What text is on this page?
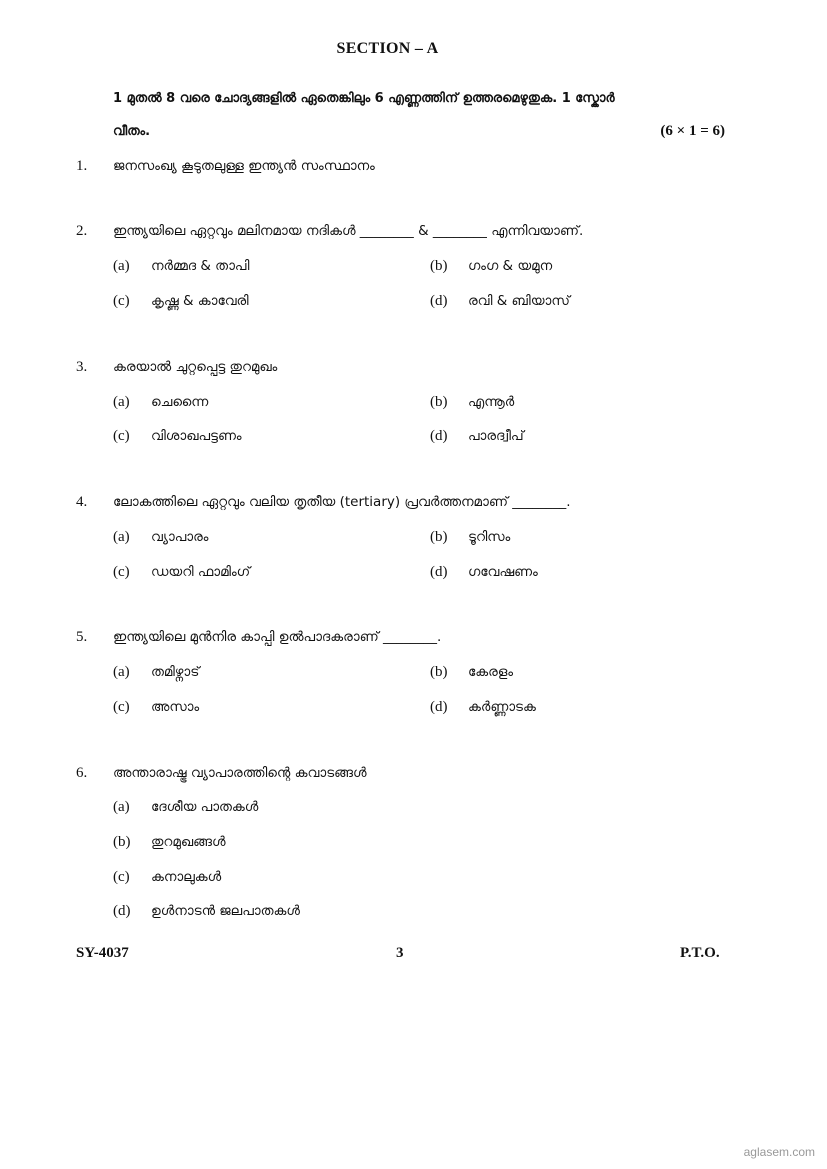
SECTION – A
1 മുതൽ 8 വരെ ചോദ്യങ്ങളിൽ ഏതെങ്കിലും 6 എണ്ണത്തിന് ഉത്തരമെഴുതുക. 1 സ്കോർ
വീതം.	(6 × 1 = 6)
1. ജനസംഖ്യ കൂടുതലുള്ള ഇന്ത്യൻ സംസ്ഥാനം
2. ഇന്ത്യയിലെ ഏറ്റവും മലിനമായ നദികൾ ________ & ________ എന്നിവയാണ്.
(a) നർമ്മദ & താപി	(b) ഗംഗ & യമുന
(c) കൃഷ്ണ & കാവേരി	(d) രവി & ബിയാസ്
3. കരയാൽ ചുറ്റപ്പെട്ട തുറമുഖം
(a) ചെന്നൈ	(b) എന്നൂർ
(c) വിശാഖപട്ടണം	(d) പാരദ്വീപ്
4. ലോകത്തിലെ ഏറ്റവും വലിയ തൃതീയ (tertiary) പ്രവർത്തനമാണ് ________.
(a) വ്യാപാരം	(b) ടൂറിസം
(c) ഡയറി ഫാമിംഗ്	(d) ഗവേഷണം
5. ഇന്ത്യയിലെ മുൻനിര കാപ്പി ഉൽപാദകരാണ് ________.
(a) തമിഴ്നാട്	(b) കേരളം
(c) അസാം	(d) കർണ്ണാടക
6. അന്താരാഷ്ട്ര വ്യാപാരത്തിന്റെ കവാടങ്ങൾ
(a) ദേശീയ പാതകൾ
(b) തുറമുഖങ്ങൾ
(c) കനാലുകൾ
(d) ഉൾനാടൻ ജലപാതകൾ
SY-4037	3	P.T.O.
aglasem.com
